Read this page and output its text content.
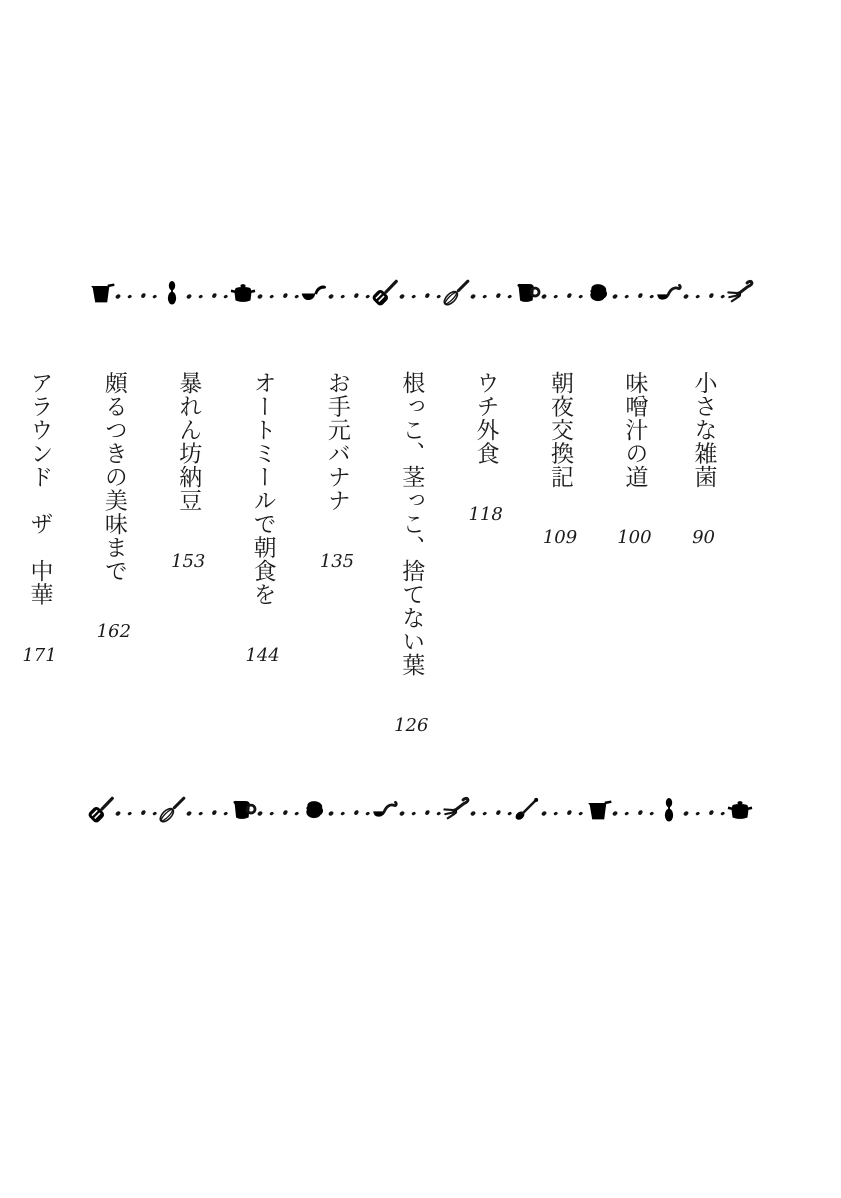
小さな雑菌 90
味噌汁の道 100
朝夜交換記 109
ウチ外食 118
根っこ、茎っこ、捨てない葉 126
お手元バナナ 135
オートミールで朝食を 144
暴れん坊納豆 153
頗るつきの美味まで 162
アラウンド　ザ　中華 171
